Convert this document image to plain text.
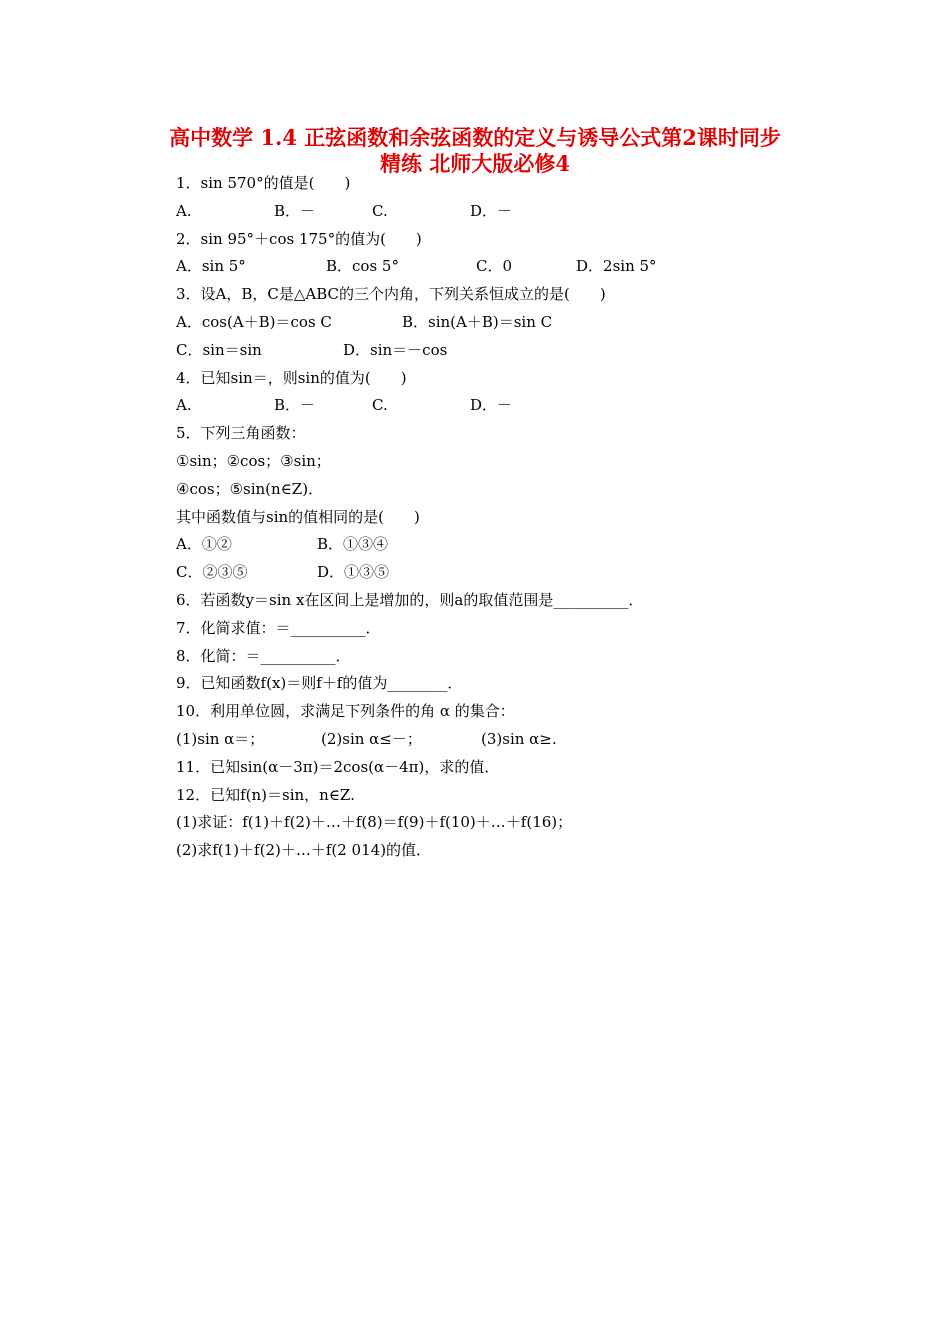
高中数学 1.4 正弦函数和余弦函数的定义与诱导公式第2课时同步
精练 北师大版必修4
1．sin 570°的值是(　　)
A.	B．－	C.	D．－
2．sin 95°＋cos 175°的值为(　　)
A．sin 5°	B．cos 5°	C．0	D．2sin 5°
3．设A，B，C是△ABC的三个内角，下列关系恒成立的是(　　)
A．cos(A＋B)＝cos C	B．sin(A＋B)＝sin C
C．sin＝sin	D．sin＝－cos
4．已知sin＝，则sin的值为(　　)
A.	B．－	C.	D．－
5．下列三角函数：
①sin；②cos；③sin；
④cos；⑤sin(n∈Z)．
其中函数值与sin的值相同的是(　　)
A．①②	B．①③④
C．②③⑤	D．①③⑤
6．若函数y＝sin x在区间上是增加的，则a的取值范围是__________．
7．化简求值：＝__________．
8．化简：＝__________．
9．已知函数f(x)＝则f＋f的值为________．
10．利用单位圆，求满足下列条件的角 α 的集合：
(1)sin α＝；	(2)sin α≤－；	(3)sin α≥.
11．已知sin(α－3π)＝2cos(α－4π)，求的值．
12．已知f(n)＝sin，n∈Z.
(1)求证：f(1)＋f(2)＋…＋f(8)＝f(9)＋f(10)＋…＋f(16)；
(2)求f(1)＋f(2)＋…＋f(2 014)的值．
